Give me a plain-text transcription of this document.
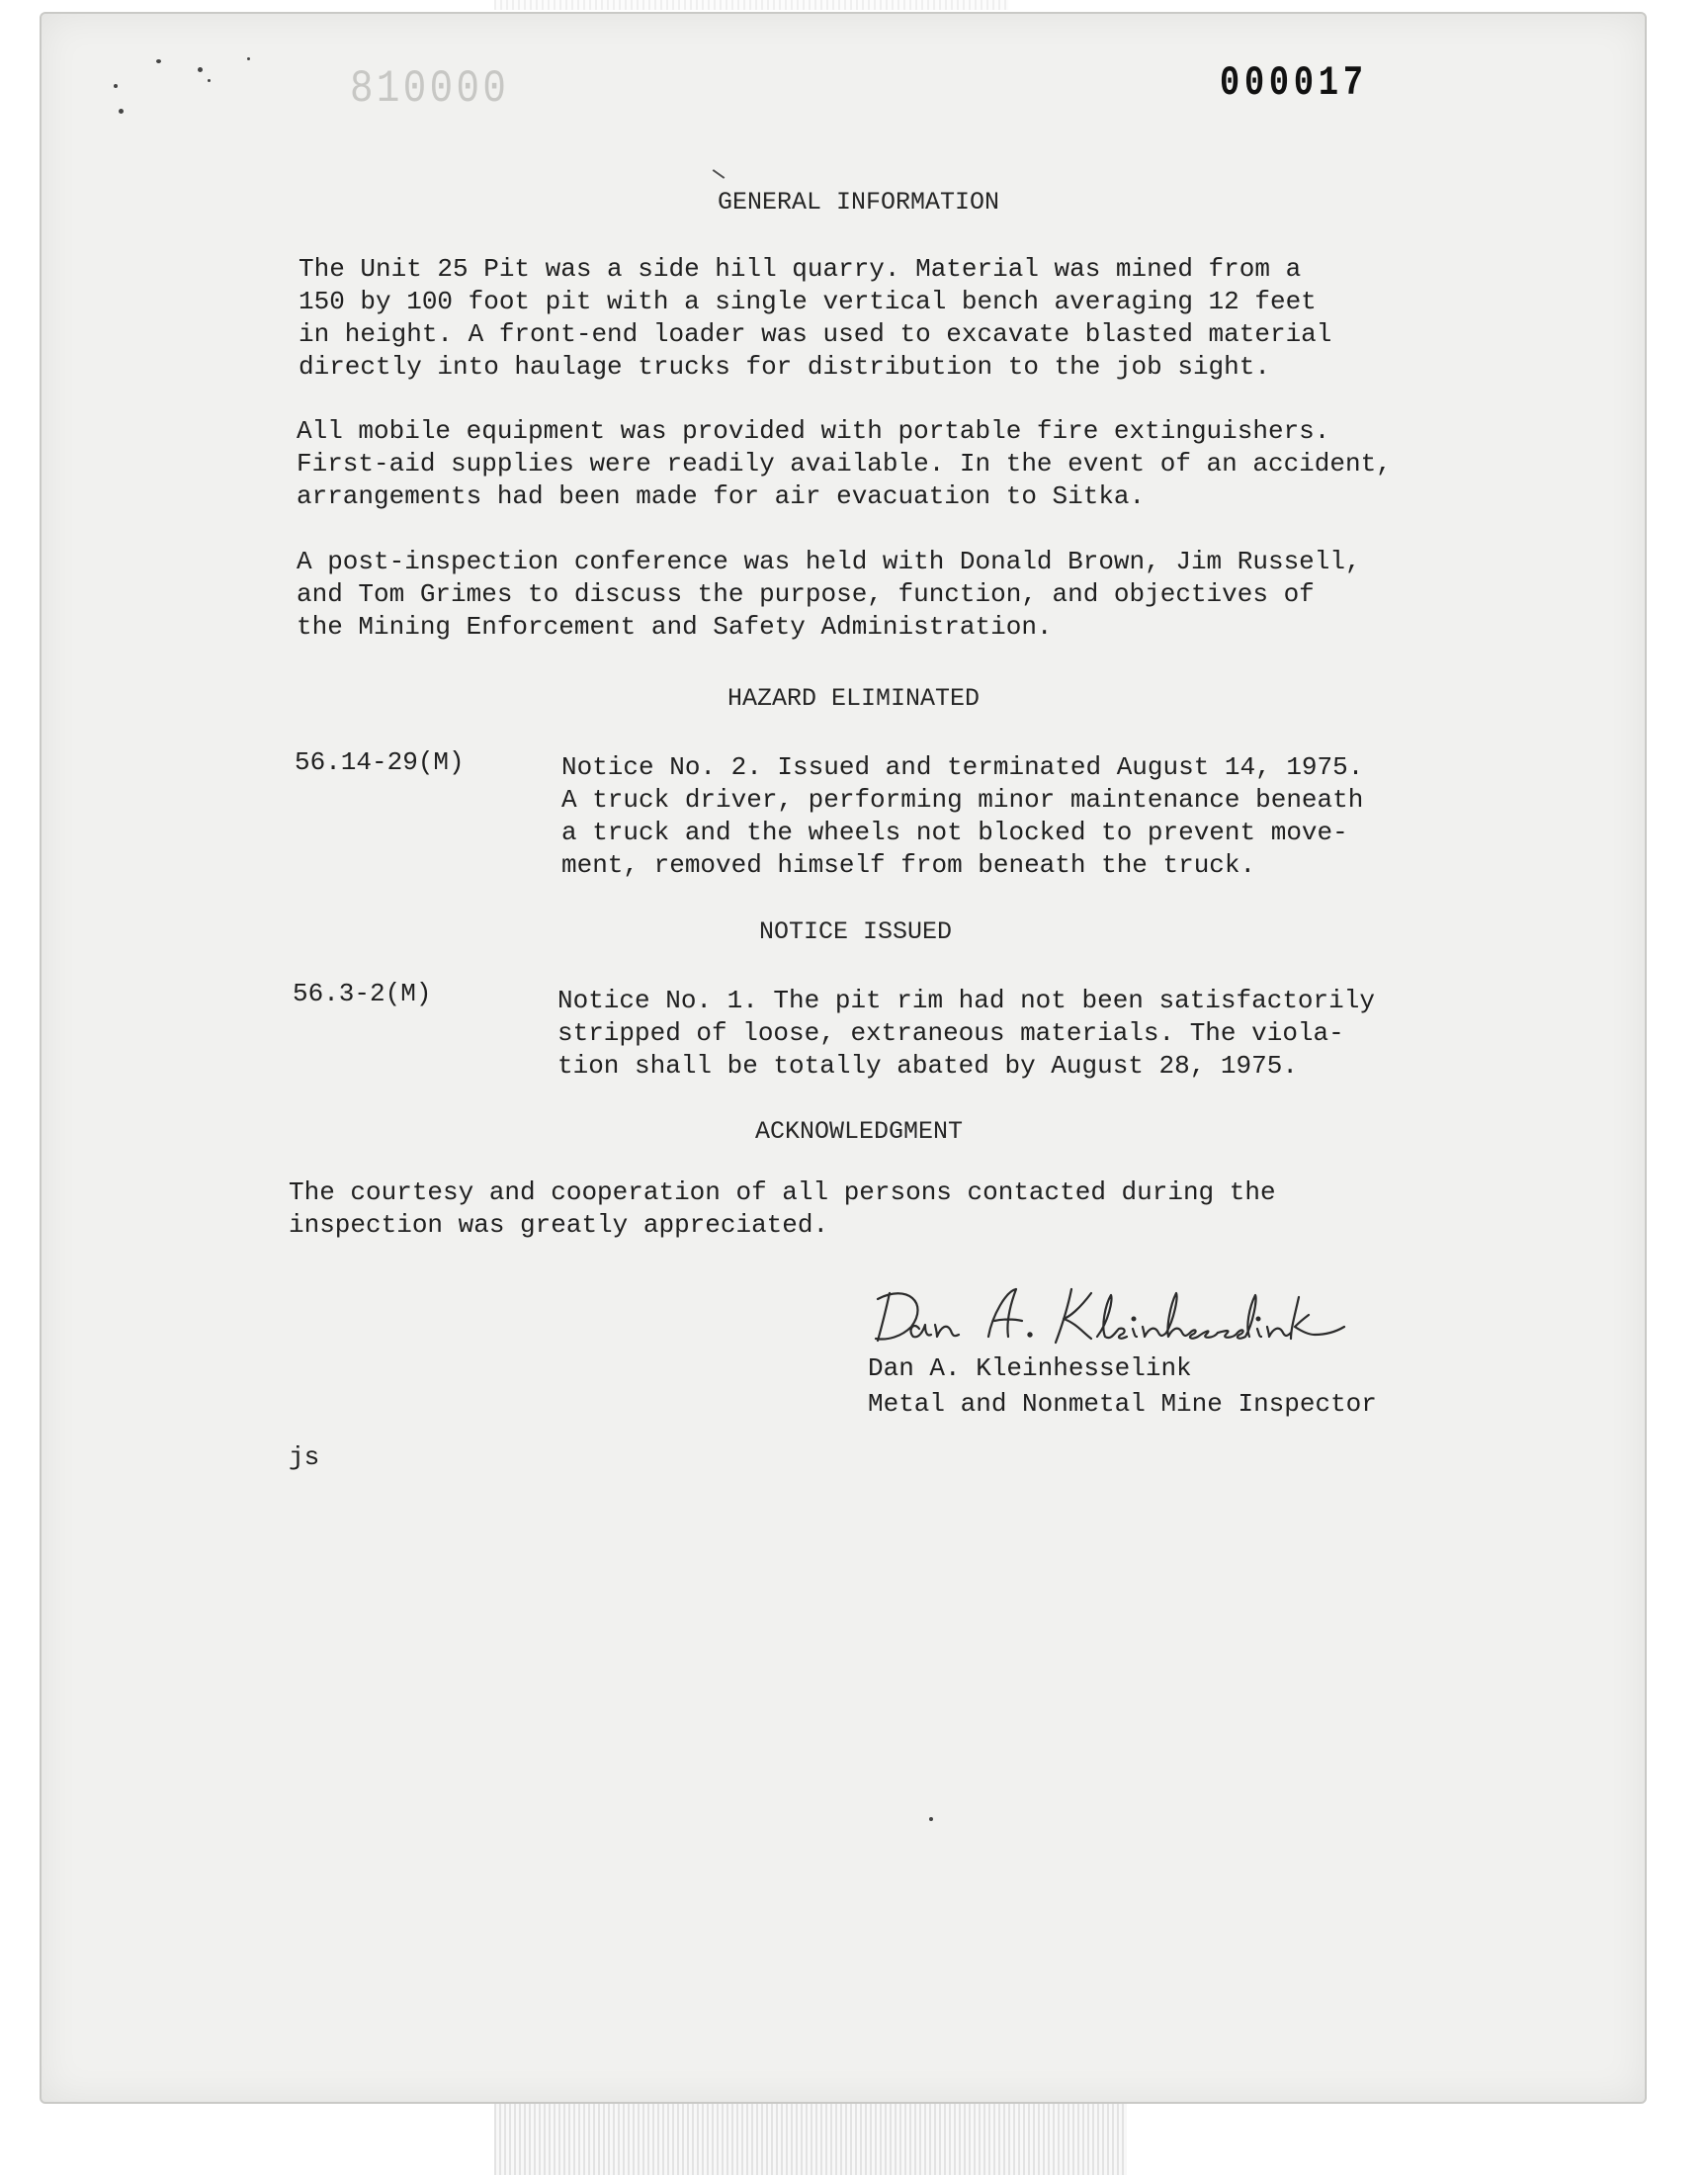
810000	000017
GENERAL INFORMATION
The Unit 25 Pit was a side hill quarry. Material was mined from a
150 by 100 foot pit with a single vertical bench averaging 12 feet
in height. A front-end loader was used to excavate blasted material
directly into haulage trucks for distribution to the job sight.
All mobile equipment was provided with portable fire extinguishers.
First-aid supplies were readily available. In the event of an accident,
arrangements had been made for air evacuation to Sitka.
A post-inspection conference was held with Donald Brown, Jim Russell,
and Tom Grimes to discuss the purpose, function, and objectives of
the Mining Enforcement and Safety Administration.
HAZARD ELIMINATED
56.14-29(M)	Notice No. 2. Issued and terminated August 14, 1975.
A truck driver, performing minor maintenance beneath
a truck and the wheels not blocked to prevent move-
ment, removed himself from beneath the truck.
NOTICE ISSUED
56.3-2(M)	Notice No. 1. The pit rim had not been satisfactorily
stripped of loose, extraneous materials. The viola-
tion shall be totally abated by August 28, 1975.
ACKNOWLEDGMENT
The courtesy and cooperation of all persons contacted during the
inspection was greatly appreciated.
Dan A. Kleinhesselink
Metal and Nonmetal Mine Inspector
js
